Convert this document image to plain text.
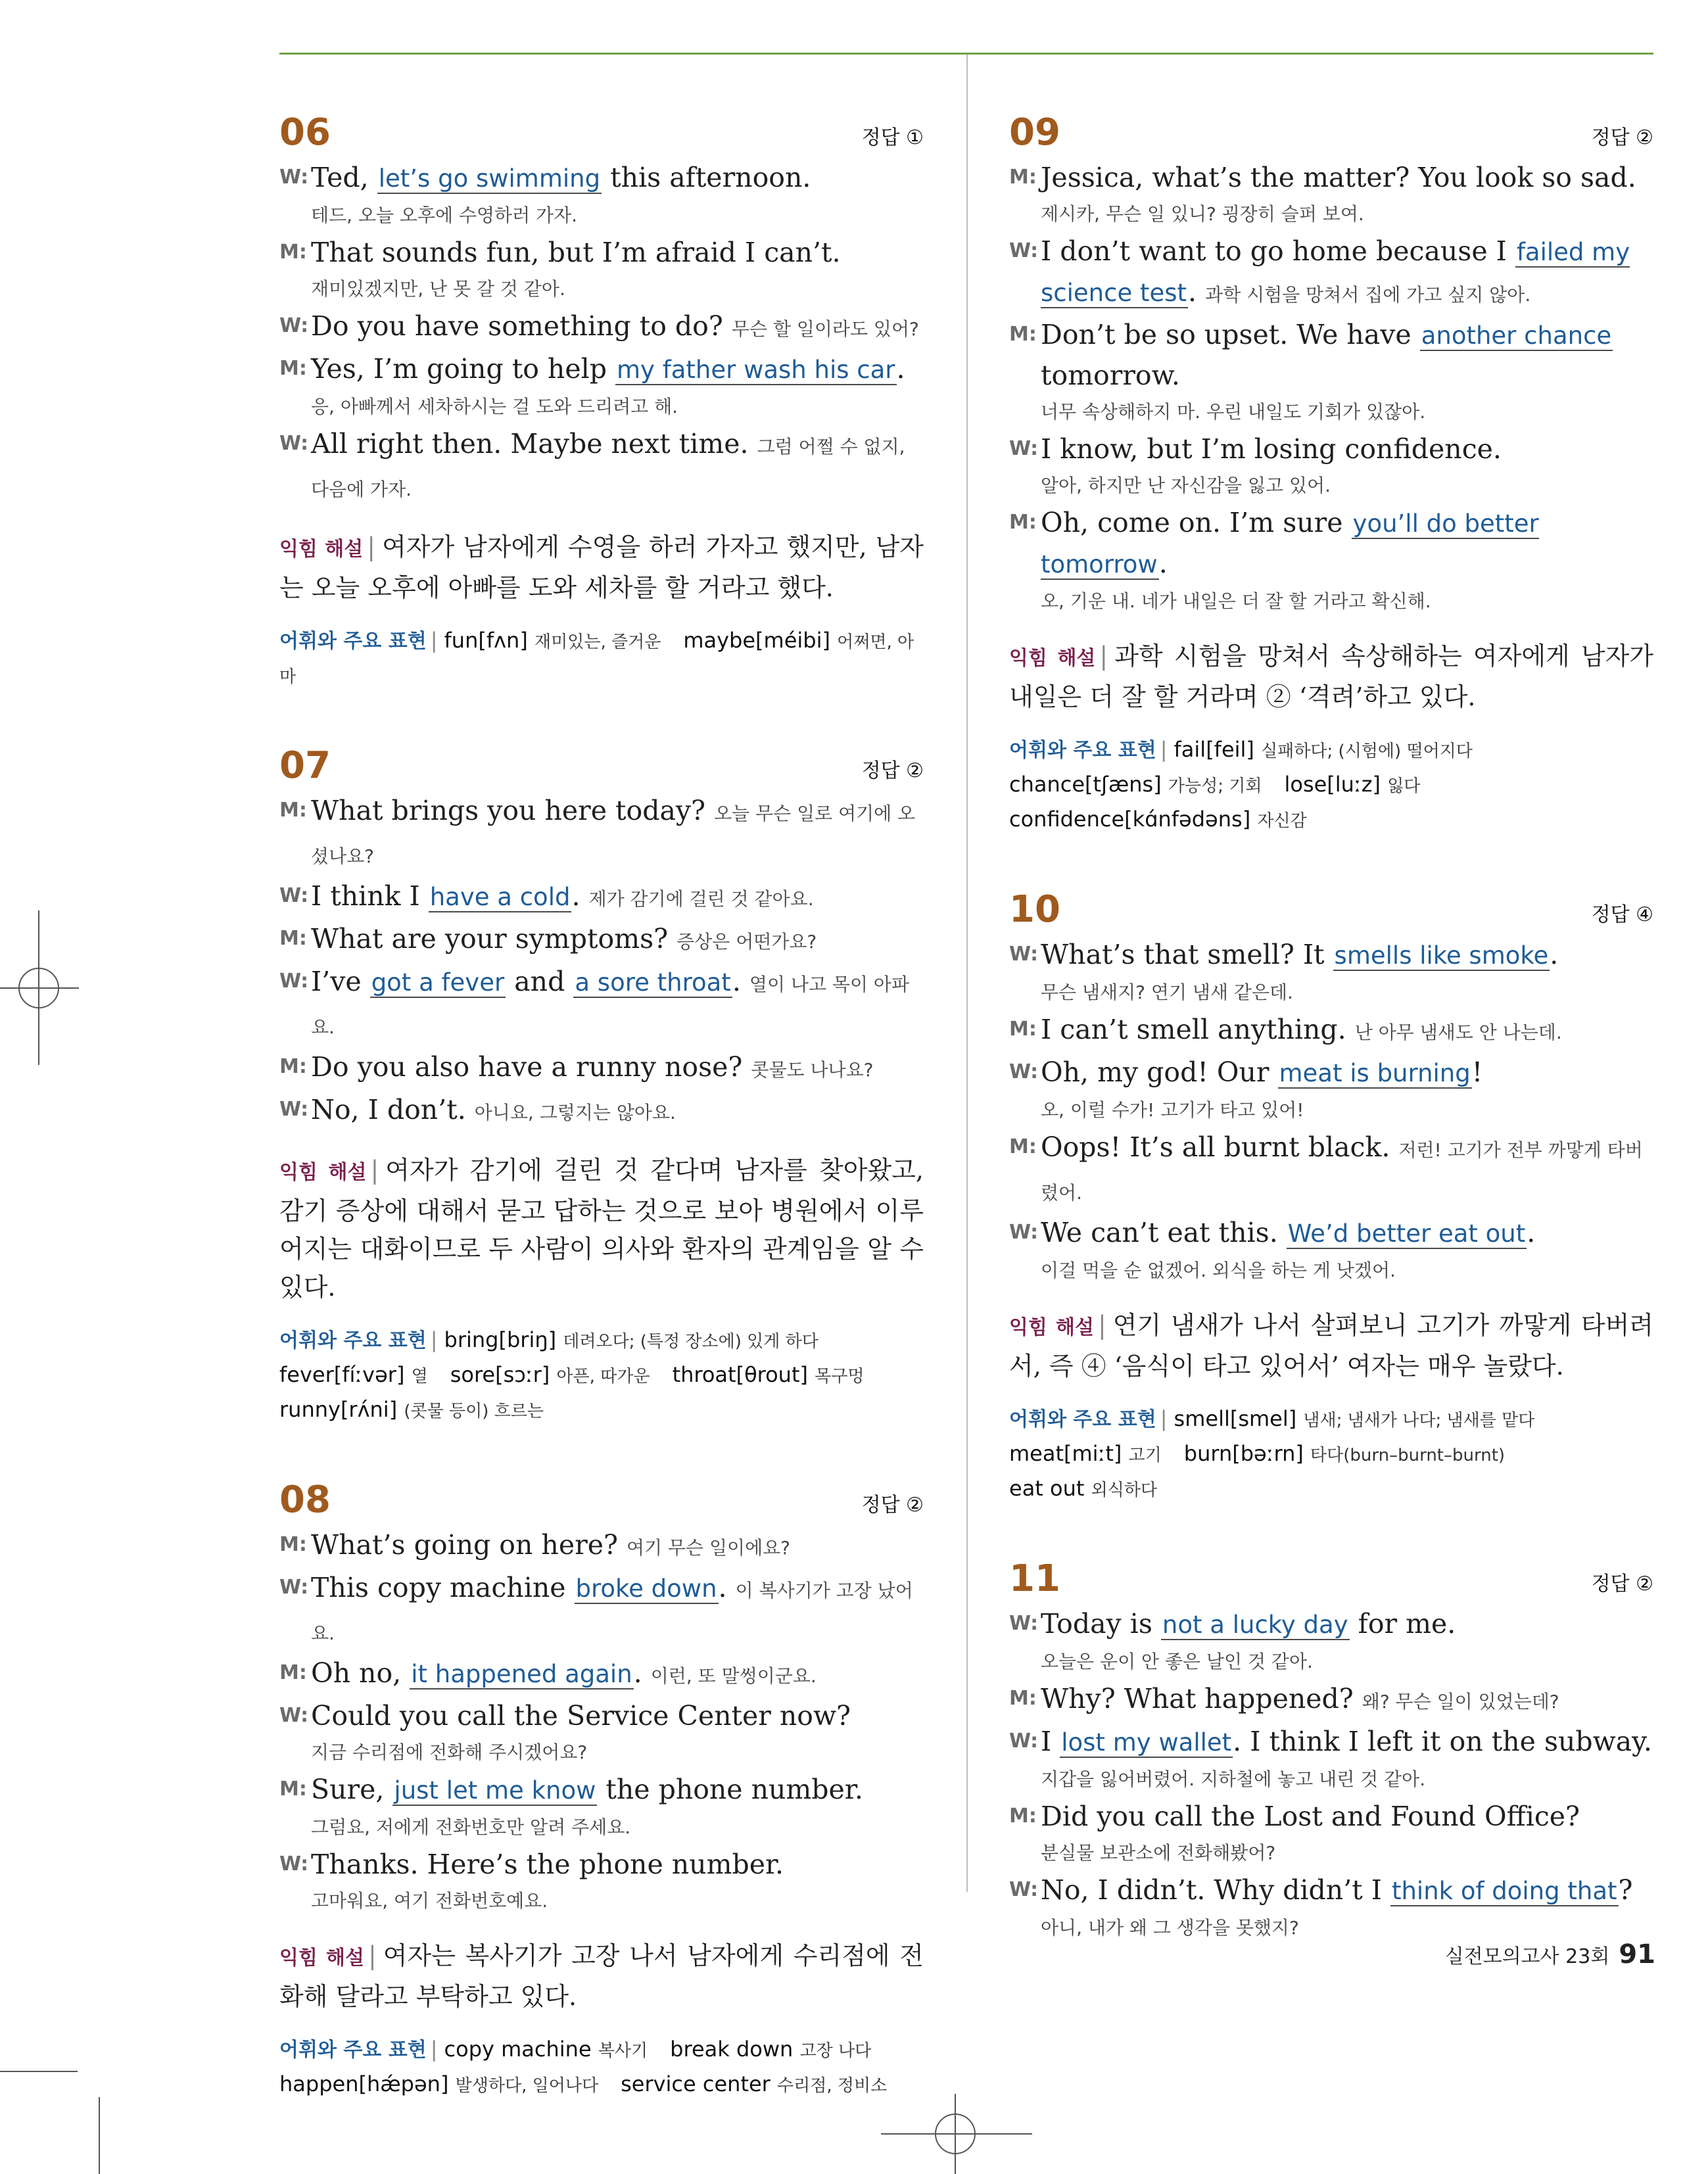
06	정답 ①
W: Ted, let’s go swimming this afternoon.
테드, 오늘 오후에 수영하러 가자.
M: That sounds fun, but I’m afraid I can’t.
재미있겠지만, 난 못 갈 것 같아.
W: Do you have something to do? 무슨 할 일이라도 있어?
M: Yes, I’m going to help my father wash his car.
응, 아빠께서 세차하시는 걸 도와 드리려고 해.
W: All right then. Maybe next time. 그럼 어쩔 수 없지, 다음에 가자.
익힘 해설 | 여자가 남자에게 수영을 하러 가자고 했지만, 남자는 오늘 오후에 아빠를 도와 세차를 할 거라고 했다.
어휘와 주요 표현 | fun[fʌn] 재미있는, 즐거운 maybe[méibi] 어쩌면, 아마
07	정답 ②
M: What brings you here today? 오늘 무슨 일로 여기에 오셨나요?
W: I think I have a cold. 제가 감기에 걸린 것 같아요.
M: What are your symptoms? 증상은 어떤가요?
W: I’ve got a fever and a sore throat. 열이 나고 목이 아파요.
M: Do you also have a runny nose? 콧물도 나나요?
W: No, I don’t. 아니요, 그렇지는 않아요.
익힘 해설 | 여자가 감기에 걸린 것 같다며 남자를 찾아왔고, 감기 증상에 대해서 묻고 답하는 것으로 보아 병원에서 이루어지는 대화이므로 두 사람이 의사와 환자의 관계임을 알 수 있다.
어휘와 주요 표현 | bring[briŋ] 데려오다; (특정 장소에) 있게 하다
fever[fíːvər] 열 sore[sɔːr] 아픈, 따가운 throat[θrout] 목구멍
runny[rʌ́ni] (콧물 등이) 흐르는
08	정답 ②
M: What’s going on here? 여기 무슨 일이에요?
W: This copy machine broke down. 이 복사기가 고장 났어요.
M: Oh no, it happened again. 이런, 또 말썽이군요.
W: Could you call the Service Center now?
지금 수리점에 전화해 주시겠어요?
M: Sure, just let me know the phone number.
그럼요, 저에게 전화번호만 알려 주세요.
W: Thanks. Here’s the phone number.
고마워요, 여기 전화번호예요.
익힘 해설 | 여자는 복사기가 고장 나서 남자에게 수리점에 전화해 달라고 부탁하고 있다.
어휘와 주요 표현 | copy machine 복사기 break down 고장 나다
happen[hǽpən] 발생하다, 일어나다 service center 수리점, 정비소
09	정답 ②
M: Jessica, what’s the matter? You look so sad.
제시카, 무슨 일 있니? 굉장히 슬퍼 보여.
W: I don’t want to go home because I failed my science test. 과학 시험을 망쳐서 집에 가고 싶지 않아.
M: Don’t be so upset. We have another chance tomorrow.
너무 속상해하지 마. 우린 내일도 기회가 있잖아.
W: I know, but I’m losing confidence.
알아, 하지만 난 자신감을 잃고 있어.
M: Oh, come on. I’m sure you’ll do better tomorrow.
오, 기운 내. 네가 내일은 더 잘 할 거라고 확신해.
익힘 해설 | 과학 시험을 망쳐서 속상해하는 여자에게 남자가 내일은 더 잘 할 거라며 ② ‘격려’하고 있다.
어휘와 주요 표현 | fail[feil] 실패하다; (시험에) 떨어지다
chance[tʃæns] 가능성; 기회 lose[luːz] 잃다
confidence[kɑ́nfədəns] 자신감
10	정답 ④
W: What’s that smell? It smells like smoke.
무슨 냄새지? 연기 냄새 같은데.
M: I can’t smell anything. 난 아무 냄새도 안 나는데.
W: Oh, my god! Our meat is burning!
오, 이럴 수가! 고기가 타고 있어!
M: Oops! It’s all burnt black. 저런! 고기가 전부 까맣게 타버렸어.
W: We can’t eat this. We’d better eat out.
이걸 먹을 순 없겠어. 외식을 하는 게 낫겠어.
익힘 해설 | 연기 냄새가 나서 살펴보니 고기가 까맣게 타버려서, 즉 ④ ‘음식이 타고 있어서’ 여자는 매우 놀랐다.
어휘와 주요 표현 | smell[smel] 냄새; 냄새가 나다; 냄새를 맡다
meat[miːt] 고기 burn[bəːrn] 타다(burn–burnt–burnt)
eat out 외식하다
11	정답 ②
W: Today is not a lucky day for me.
오늘은 운이 안 좋은 날인 것 같아.
M: Why? What happened? 왜? 무슨 일이 있었는데?
W: I lost my wallet. I think I left it on the subway.
지갑을 잃어버렸어. 지하철에 놓고 내린 것 같아.
M: Did you call the Lost and Found Office?
분실물 보관소에 전화해봤어?
W: No, I didn’t. Why didn’t I think of doing that?
아니, 내가 왜 그 생각을 못했지?
실전모의고사 23회 91
